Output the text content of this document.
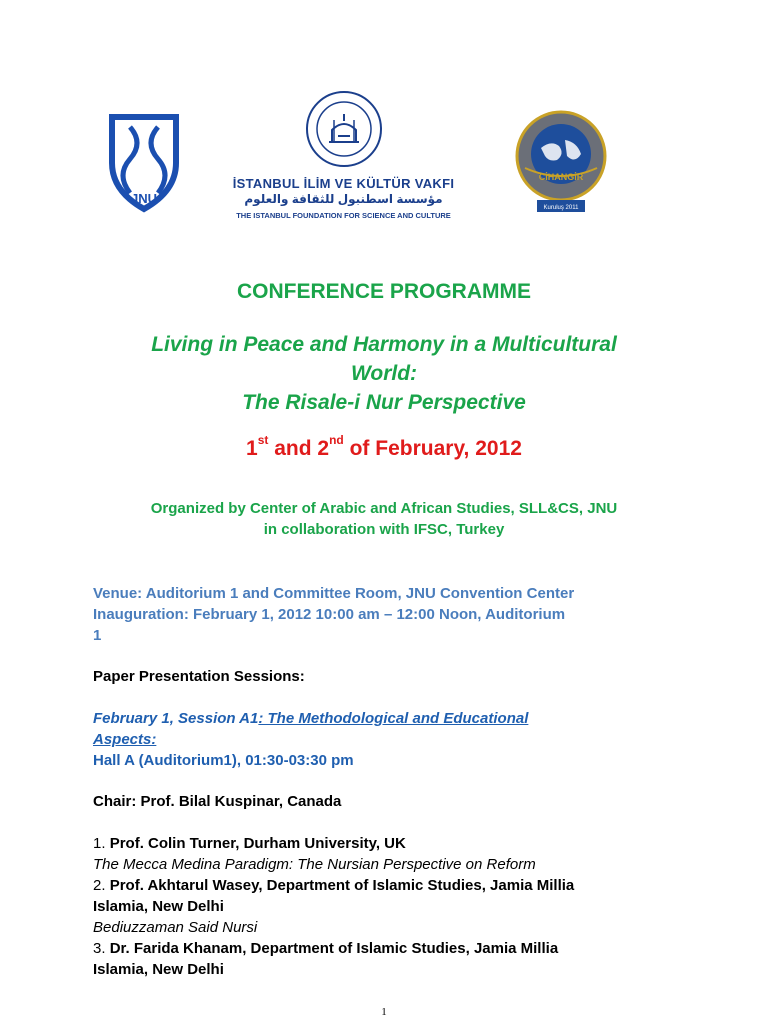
JNU
İSTANBUL İLİM VE KÜLTÜR VAKFI
مؤسسة اسطنبول للثقافة والعلوم
THE ISTANBUL FOUNDATION FOR SCIENCE AND CULTURE
CİHANGİR
Kuruluş 2011
CONFERENCE PROGRAMME
Living in Peace and Harmony in a Multicultural
World:
The Risale-i Nur Perspective
1st and 2nd of February, 2012
Organized by Center of Arabic and African Studies, SLL&CS, JNU
in collaboration with IFSC, Turkey
Venue: Auditorium 1 and Committee Room, JNU Convention Center
Inauguration: February 1, 2012 10:00 am – 12:00 Noon, Auditorium
1
Paper Presentation Sessions:
February 1, Session A1: The Methodological and Educational
Aspects:
Hall A (Auditorium1), 01:30-03:30 pm
Chair: Prof. Bilal Kuspinar, Canada
1. Prof. Colin Turner, Durham University, UK
The Mecca Medina Paradigm: The Nursian Perspective on Reform
2. Prof. Akhtarul Wasey, Department of Islamic Studies, Jamia Millia
Islamia, New Delhi
Bediuzzaman Said Nursi
3. Dr. Farida Khanam, Department of Islamic Studies, Jamia Millia
Islamia, New Delhi
1
